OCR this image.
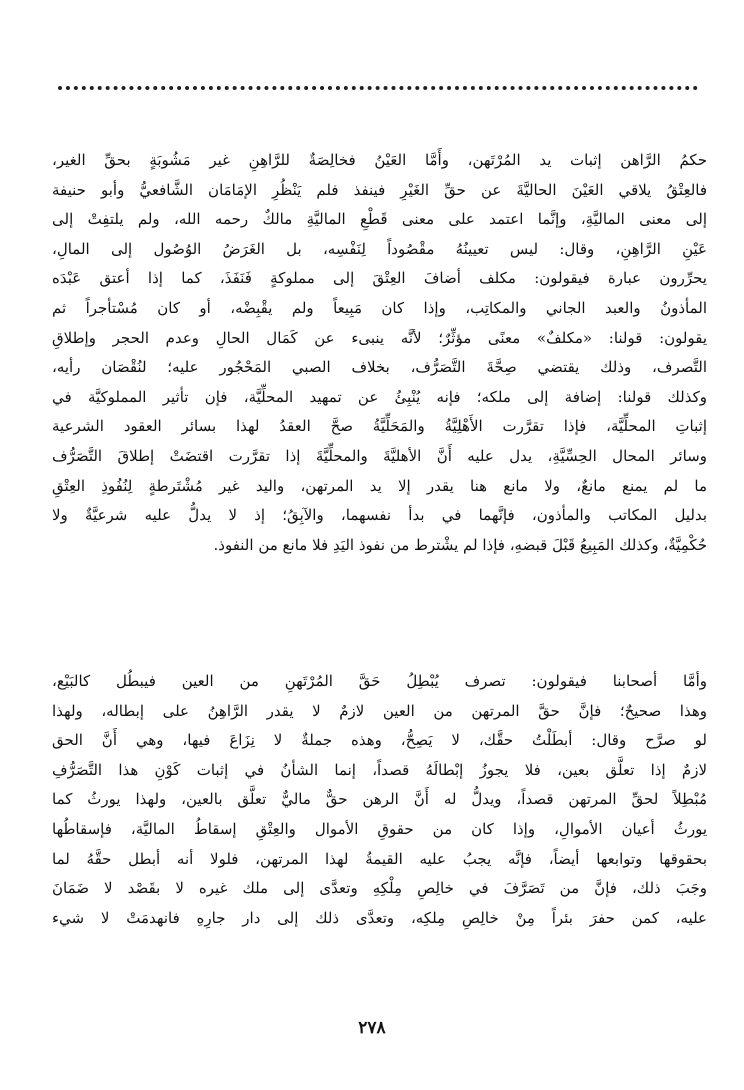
حكمُ الرَّاهن إثبات يد المُرْتَهن، وأَمَّا العَيْنُ فخالِصَةٌ للرَّاهِنِ غير مَشُوبَةٍ بحقِّ الغير،
فالعِتْقُ يلاقي العَيْنَ الحاليَّةَ عن حقِّ الغَيْرِ فينفذ فلم يَنْظُرِ الإمَامَان الشَّافعيُّ وأبو حنيفة
إلى معنى الماليَّةِ، وإنَّما اعتمد على معنى قَطْعِ الماليَّةِ مالكٌ رحمه الله، ولم يلتفِتْ إلى
عَيْنِ الرَّاهِنِ، وقال: ليس تعيينُهُ مقْصُوداً لِنَفْسِه، بل الغَرَضُ الوُصُول إلى المالِ،
يحرِّرون عبارة فيقولون: مكلف أضافَ العِتْقَ إلى مملوكةٍ فَنَفَذَ، كما إذا أعتق عَبْدَه
المأذونُ والعبد الجاني والمكاتِب، وإذا كان مَبِيعاً ولم يقْبِضْه، أو كان مُسْتأجراً ثم
يقولون: قولنا: «مكلفٌ» معنًى مؤثِّرٌ؛ لأنَّه ينبىء عن كَمَال الحالِ وعدم الحجر وإطلاقِ
التَّصرف، وذلك يقتضي صِحَّةَ التَّصَرُّف، بخلاف الصبي المَحْجُور عليه؛ لنُقْصَان رأيه،
وكذلك قولنا: إضافة إلى ملكه؛ فإنه يُنْبِئُ عن تمهيد المحلِّيَّة، فإن تأثير المملوكيَّة في
إثباتِ المحلِّيَّة، فإذا تقرَّرت الأَهْلِيَّةُ والمَحَلِّيَّةُ صحَّ العقدُ لهذا بسائر العقود الشرعية
وسائر المحال الحِسِّيَّةِ، يدل عليه أَنَّ الأهليَّةَ والمحلِّيَّةَ إذا تقرَّرت اقتضَتْ إطلاقَ التَّصَرُّف
ما لم يمنع مانعٌ، ولا مانع هنا يقدر إلا يد المرتهن، واليد غير مُشْتَرطةٍ لِنُفُوذِ العِتْقِ
بدليل المكاتب والمأذون، فإنَّهما في بدأ نفسهما، والآبِقُ؛ إذ لا يدلُّ عليه شرعيَّةٌ ولا
حُكْمِيَّةٌ، وكذلك المَبِيعُ قَبْلَ قبضهِ، فإذا لم يشْترط من نفوذ اليَدِ فلا مانع من النفوذ.
وأمَّا أصحابنا فيقولون: تصرف يُبْطِلُ حَقَّ المُرْتَهنِ من العين فيبطُل كالبَيْع،
وهذا صحيحٌ؛ فإنَّ حقَّ المرتهن من العين لازمٌ لا يقدر الرَّاهِنُ على إبطاله، ولهذا
لو صرَّح وقال: أبطَلْتُ حقَّك، لا يَصِحُّ، وهذه جملةٌ لا نِزَاعَ فيها، وهي أَنَّ الحق
لازمٌ إذا تعلَّق بعين، فلا يجوزُ إبْطالَهُ قصداً، إنما الشأنُ في إثبات كَوْنِ هذا التَّصَرُّفِ
مُبْطِلاً لحقِّ المرتهن قصداً، ويدلُّ له أَنَّ الرهن حقٌّ ماليٌّ تعلَّق بالعين، ولهذا يورثُ كما
يورثُ أعيان الأموالِ، وإذا كان من حقوقِ الأموال والعِتْقِ إسقاطُ الماليَّة، فإسقاطُها
بحقوقها وتوابعها أيضاً، فإنَّه يجبُ عليه القيمةُ لهذا المرتهن، فلولا أنه أبطل حقَّهُ لما
وجَبَ ذلك، فإنَّ من تَصَرَّفَ في خالِصِ مِلْكِهِ وتعدَّى إلى ملك غيره لا بقَصْد لا ضَمَانَ
عليه، كمن حفرَ بئراً مِنْ خالِصِ مِلكِه، وتعدَّى ذلك إلى دار جارِهِ فانهدمَتْ لا شيء
٢٧٨
